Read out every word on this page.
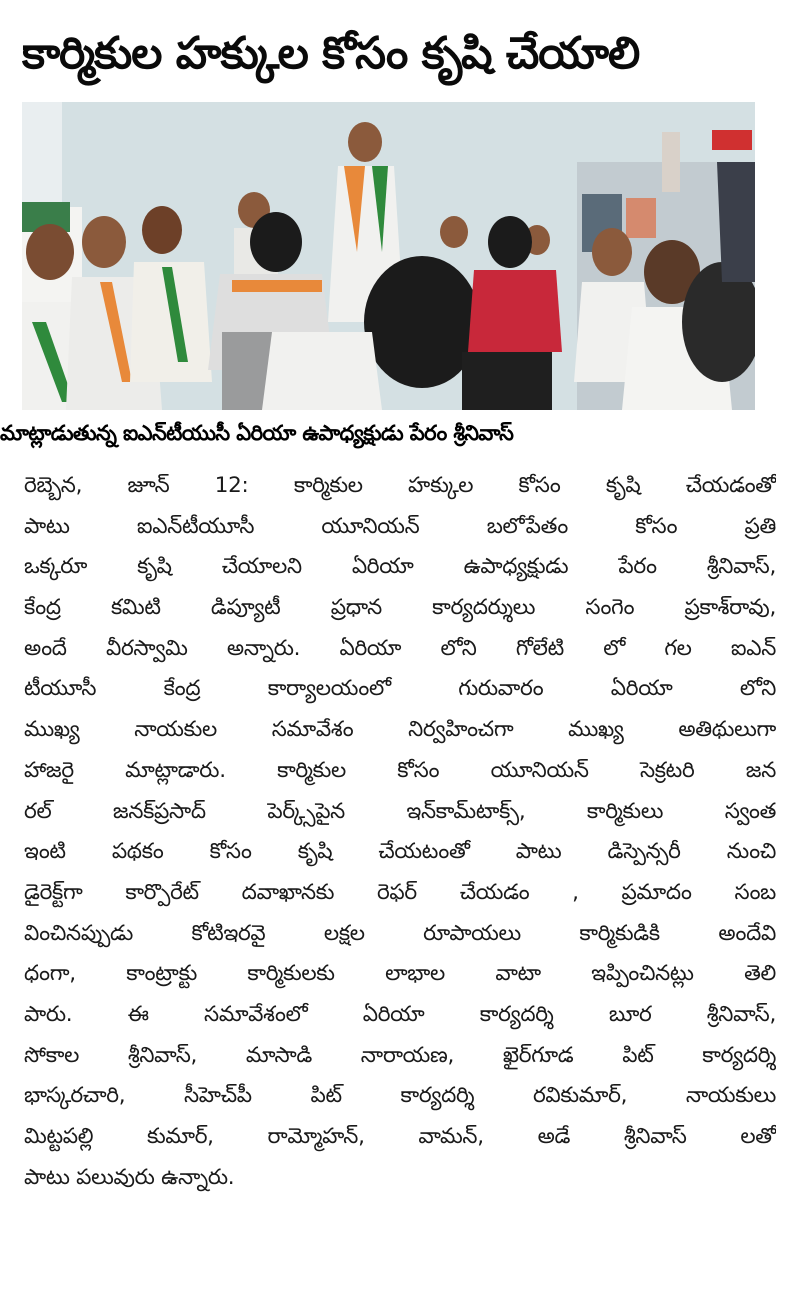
కార్మికుల హక్కుల కోసం కృషి చేయాలి
మాట్లాడుతున్న ఐఎన్‌టీయుసీ ఏరియా ఉపాధ్యక్షుడు పేరం శ్రీనివాస్
రెబ్బెన, జూన్ 12: కార్మికుల హక్కుల కోసం కృషి చేయడంతో
పాటు ఐఎన్‌టీయూసీ యూనియన్ బలోపేతం కోసం ప్రతి
ఒక్కరూ కృషి చేయాలని ఏరియా ఉపాధ్యక్షుడు పేరం శ్రీనివాస్,
కేంద్ర కమిటి డిప్యూటీ ప్రధాన కార్యదర్శులు సంగెం ప్రకాశ్‌రావు,
అందే వీరస్వామి అన్నారు. ఏరియా లోని గోలేటి లో గల ఐఎన్
టీయూసీ కేంద్ర కార్యాలయంలో గురువారం ఏరియా లోని
ముఖ్య నాయకుల సమావేశం నిర్వహించగా ముఖ్య అతిథులుగా
హాజరై మాట్లాడారు. కార్మికుల కోసం యూనియన్ సెక్రటరి జన
రల్ జనక్‌ప్రసాద్ పెర్క్స్‌పైన ఇన్‌కామ్‌టాక్స్, కార్మికులు స్వంత
ఇంటి పథకం కోసం కృషి చేయటంతో పాటు డిస్పెన్సరీ నుంచి
డైరెక్ట్‌గా కార్పొరేట్ దవాఖానకు రెఫర్ చేయడం , ప్రమాదం సంబ
వించినప్పుడు కోటిఇరవై లక్షల రూపాయలు కార్మికుడికి అందేవి
ధంగా, కాంట్రాక్టు కార్మికులకు లాభాల వాటా ఇప్పించినట్లు తెలి
పారు. ఈ సమావేశంలో ఏరియా కార్యదర్శి బూర శ్రీనివాస్,
సోకాల శ్రీనివాస్, మాసాడి నారాయణ, ఖైర్‌గూడ పిట్ కార్యదర్శి
భాస్కరచారి, సీహెచ్‌పీ పిట్ కార్యదర్శి రవికుమార్, నాయకులు
మిట్టపల్లి కుమార్, రామ్మోహన్, వామన్, అడే శ్రీనివాస్ లతో
పాటు పలువురు ఉన్నారు.
